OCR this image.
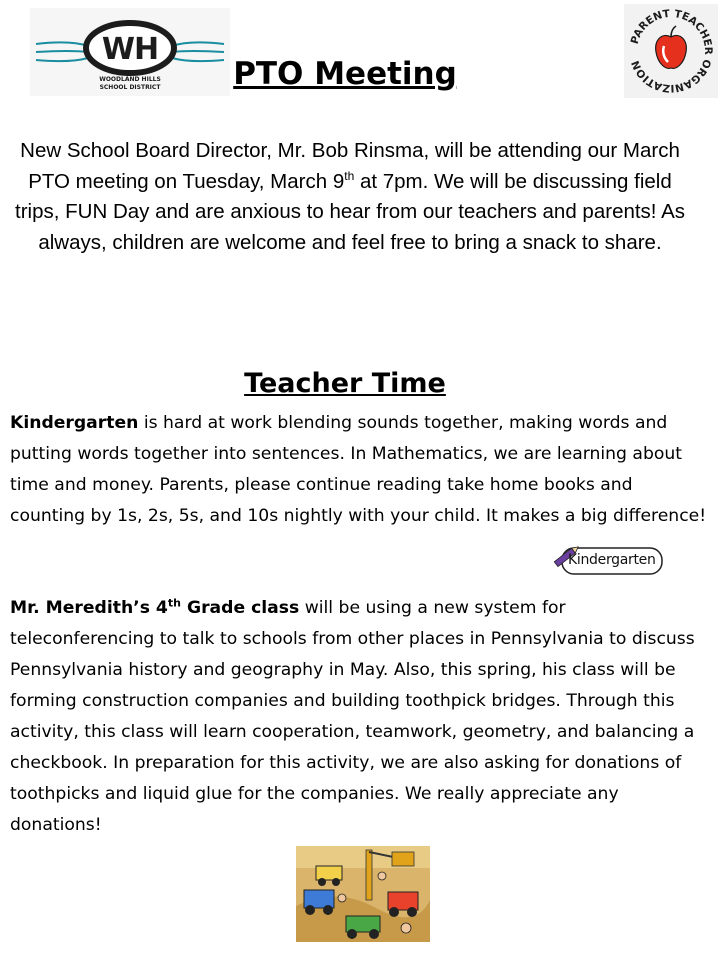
WH
WOODLAND HILLS
SCHOOL DISTRICT
PARENT TEACHER ORGANIZATION
PTO Meeting

New School Board Director, Mr. Bob Rinsma, will be attending our March PTO meeting on Tuesday, March 9th at 7pm. We will be discussing field trips, FUN Day and are anxious to hear from our teachers and parents! As always, children are welcome and feel free to bring a snack to share.

Teacher Time

Kindergarten is hard at work blending sounds together, making words and putting words together into sentences. In Mathematics, we are learning about time and money. Parents, please continue reading take home books and counting by 1s, 2s, 5s, and 10s nightly with your child. It makes a big difference!

Kindergarten

Mr. Meredith’s 4th Grade class will be using a new system for teleconferencing to talk to schools from other places in Pennsylvania to discuss Pennsylvania history and geography in May. Also, this spring, his class will be forming construction companies and building toothpick bridges. Through this activity, this class will learn cooperation, teamwork, geometry, and balancing a checkbook. In preparation for this activity, we are also asking for donations of toothpicks and liquid glue for the companies. We really appreciate any donations!
